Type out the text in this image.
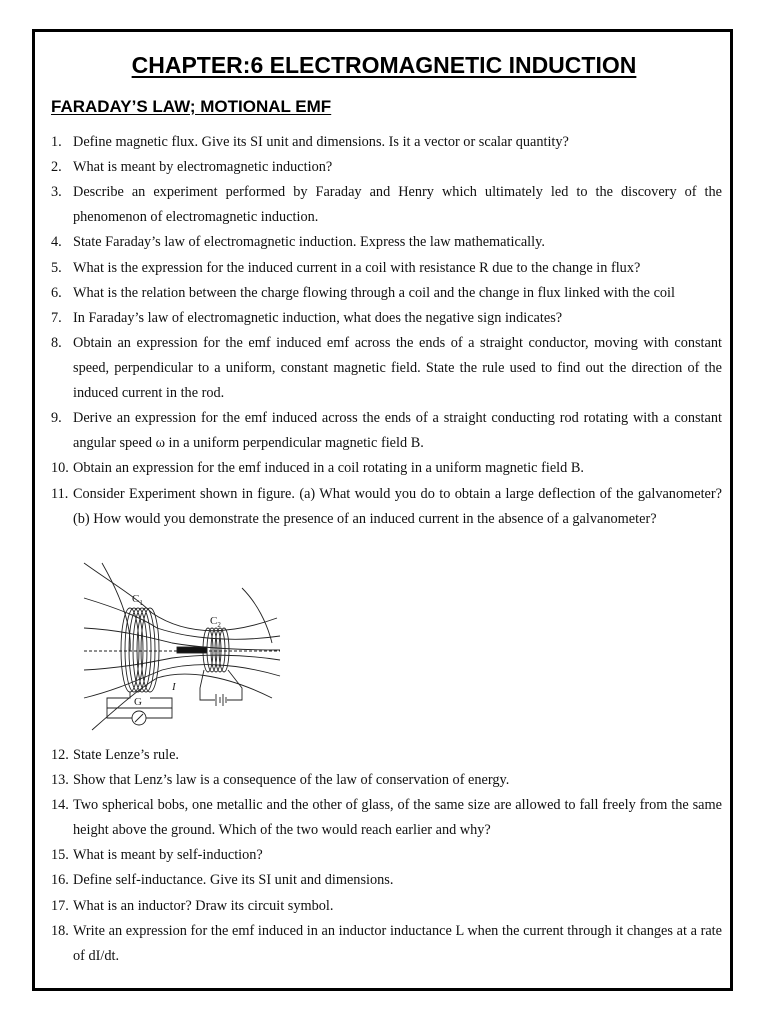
CHAPTER:6 ELECTROMAGNETIC INDUCTION
FARADAY’S LAW; MOTIONAL EMF
1. Define magnetic flux. Give its SI unit and dimensions. Is it a vector or scalar quantity?
2. What is meant by electromagnetic induction?
3. Describe an experiment performed by Faraday and Henry which ultimately led to the discovery of the phenomenon of electromagnetic induction.
4. State Faraday’s law of electromagnetic induction. Express the law mathematically.
5. What is the expression for the induced current in a coil with resistance R due to the change in flux?
6. What is the relation between the charge flowing through a coil and the change in flux linked with the coil
7. In Faraday’s law of electromagnetic induction, what does the negative sign indicates?
8. Obtain an expression for the emf induced emf across the ends of a straight conductor, moving with constant speed, perpendicular to a uniform, constant magnetic field. State the rule used to find out the direction of the induced current in the rod.
9. Derive an expression for the emf induced across the ends of a straight conducting rod rotating with a constant angular speed ω in a uniform perpendicular magnetic field B.
10. Obtain an expression for the emf induced in a coil rotating in a uniform magnetic field B.
11. Consider Experiment shown in figure. (a) What would you do to obtain a large deflection of the galvanometer? (b) How would you demonstrate the presence of an induced current in the absence of a galvanometer?
12. State Lenze’s rule.
13. Show that Lenz’s law is a consequence of the law of conservation of energy.
14. Two spherical bobs, one metallic and the other of glass, of the same size are allowed to fall freely from the same height above the ground. Which of the two would reach earlier and why?
15. What is meant by self-induction?
16. Define self-inductance. Give its SI unit and dimensions.
17. What is an inductor? Draw its circuit symbol.
18. Write an expression for the emf induced in an inductor inductance L when the current through it changes at a rate of dI/dt.
$C_1$
$C_2$
G
I
